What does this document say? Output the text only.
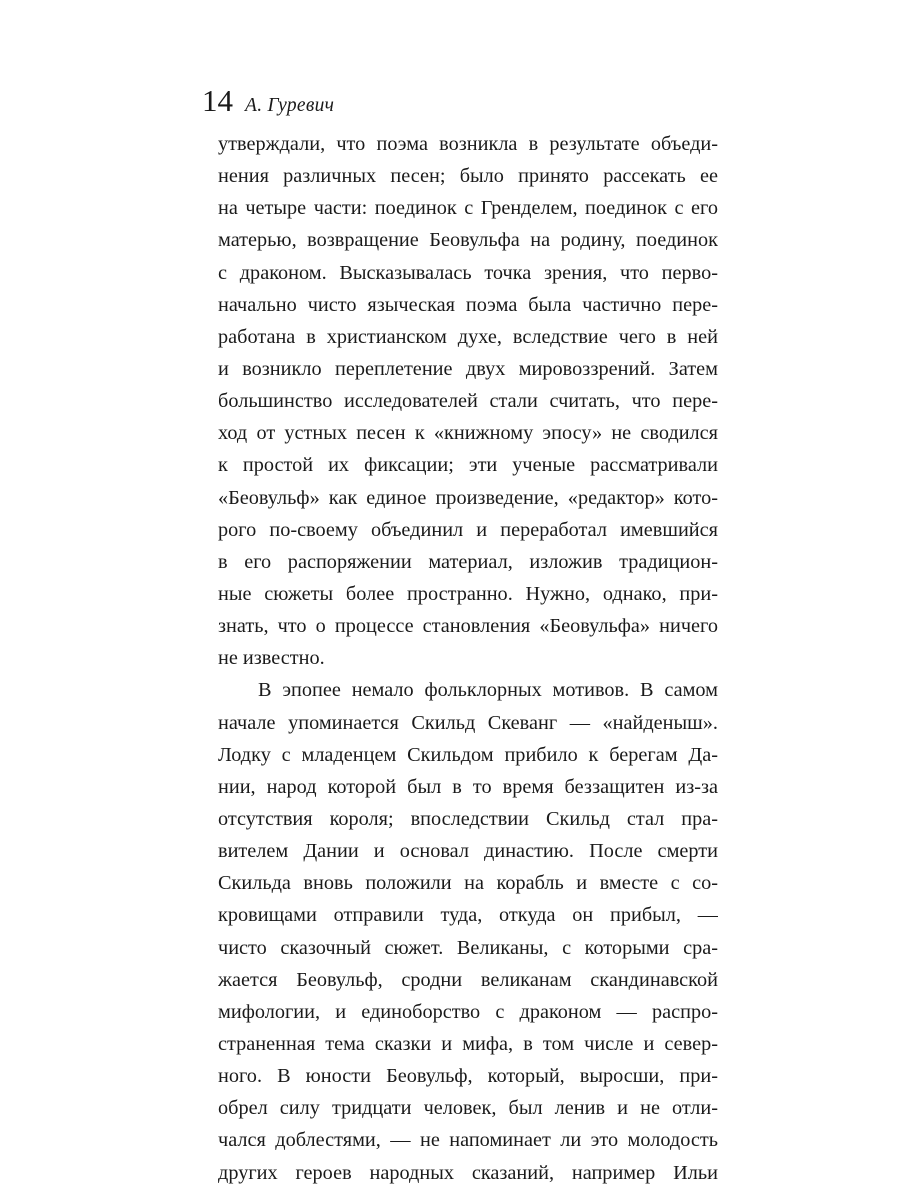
14 А. Гуревич
утверждали, что поэма возникла в результате объеди-
нения различных песен; было принято рассекать ее
на четыре части: поединок с Гренделем, поединок с его
матерью, возвращение Беовульфа на родину, поединок
с драконом. Высказывалась точка зрения, что перво-
начально чисто языческая поэма была частично пере-
работана в христианском духе, вследствие чего в ней
и возникло переплетение двух мировоззрений. Затем
большинство исследователей стали считать, что пере-
ход от устных песен к «книжному эпосу» не сводился
к простой их фиксации; эти ученые рассматривали
«Беовульф» как единое произведение, «редактор» кото-
рого по-своему объединил и переработал имевшийся
в его распоряжении материал, изложив традицион-
ные сюжеты более пространно. Нужно, однако, при-
знать, что о процессе становления «Беовульфа» ничего
не известно.
В эпопее немало фольклорных мотивов. В самом
начале упоминается Скильд Скеванг — «найденыш».
Лодку с младенцем Скильдом прибило к берегам Да-
нии, народ которой был в то время беззащитен из-за
отсутствия короля; впоследствии Скильд стал пра-
вителем Дании и основал династию. После смерти
Скильда вновь положили на корабль и вместе с со-
кровищами отправили туда, откуда он прибыл, —
чисто сказочный сюжет. Великаны, с которыми сра-
жается Беовульф, сродни великанам скандинавской
мифологии, и единоборство с драконом — распро-
страненная тема сказки и мифа, в том числе и север-
ного. В юности Беовульф, который, выросши, при-
обрел силу тридцати человек, был ленив и не отли-
чался доблестями, — не напоминает ли это молодость
других героев народных сказаний, например Ильи
